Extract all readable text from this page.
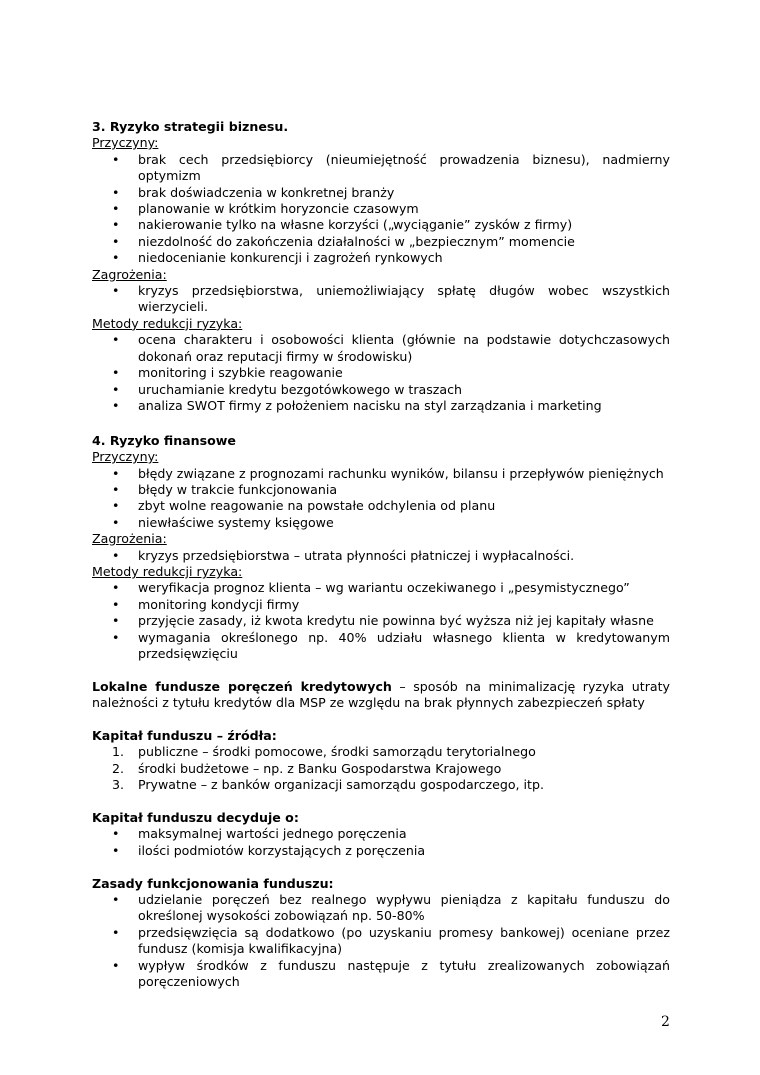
3. Ryzyko strategii biznesu.

Przyczyny:

• brak cech przedsiębiorcy (nieumiejętność prowadzenia biznesu), nadmierny optymizm
• brak doświadczenia w konkretnej branży
• planowanie w krótkim horyzoncie czasowym
• nakierowanie tylko na własne korzyści („wyciąganie” zysków z firmy)
• niezdolność do zakończenia działalności w „bezpiecznym” momencie
• niedocenianie konkurencji i zagrożeń rynkowych

Zagrożenia:

• kryzys przedsiębiorstwa, uniemożliwiający spłatę długów wobec wszystkich wierzycieli.

Metody redukcji ryzyka:

• ocena charakteru i osobowości klienta (głównie na podstawie dotychczasowych dokonań oraz reputacji firmy w środowisku)
• monitoring i szybkie reagowanie
• uruchamianie kredytu bezgotówkowego w traszach
• analiza SWOT firmy z położeniem nacisku na styl zarządzania i marketing

4. Ryzyko finansowe

Przyczyny:

• błędy związane z prognozami rachunku wyników, bilansu i przepływów pieniężnych
• błędy w trakcie funkcjonowania
• zbyt wolne reagowanie na powstałe odchylenia od planu
• niewłaściwe systemy księgowe

Zagrożenia:

• kryzys przedsiębiorstwa – utrata płynności płatniczej i wypłacalności.

Metody redukcji ryzyka:

• weryfikacja prognoz klienta – wg wariantu oczekiwanego i „pesymistycznego”
• monitoring kondycji firmy
• przyjęcie zasady, iż kwota kredytu nie powinna być wyższa niż jej kapitały własne
• wymagania określonego np. 40% udziału własnego klienta w kredytowanym przedsięwzięciu

Lokalne fundusze poręczeń kredytowych – sposób na minimalizację ryzyka utraty należności z tytułu kredytów dla MSP ze względu na brak płynnych zabezpieczeń spłaty

Kapitał funduszu – źródła:

1. publiczne – środki pomocowe, środki samorządu terytorialnego
2. środki budżetowe – np. z Banku Gospodarstwa Krajowego
3. Prywatne – z banków organizacji samorządu gospodarczego, itp.

Kapitał funduszu decyduje o:

• maksymalnej wartości jednego poręczenia
• ilości podmiotów korzystających z poręczenia

Zasady funkcjonowania funduszu:

• udzielanie poręczeń bez realnego wypływu pieniądza z kapitału funduszu do określonej wysokości zobowiązań np. 50-80%
• przedsięwzięcia są dodatkowo (po uzyskaniu promesy bankowej) oceniane przez fundusz (komisja kwalifikacyjna)
• wypływ środków z funduszu następuje z tytułu zrealizowanych zobowiązań poręczeniowych
2
